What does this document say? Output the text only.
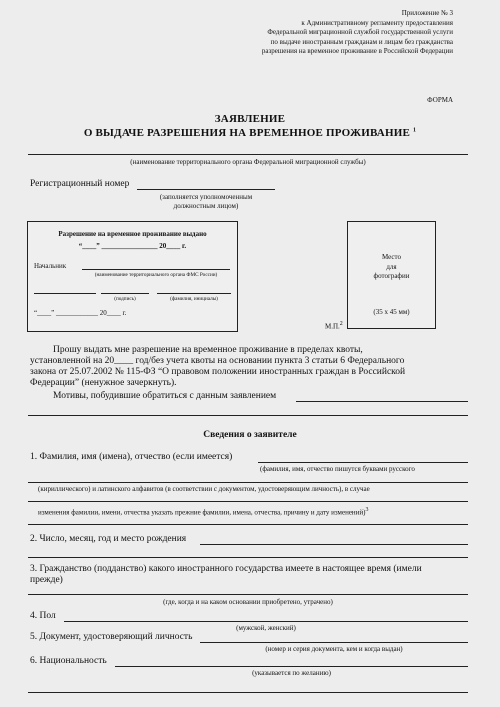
Приложение № 3
к Административному регламенту предоставления
Федеральной миграционной службой государственной услуги
по выдаче иностранным гражданам и лицам без гражданства
разрешения на временное проживание в Российской Федерации
ФОРМА
ЗАЯВЛЕНИЕ
О ВЫДАЧЕ РАЗРЕШЕНИЯ НА ВРЕМЕННОЕ ПРОЖИВАНИЕ $^1$
(наименование территориального органа Федеральной миграционной службы)
Регистрационный номер
(заполняется уполномоченным
должностным лицом)
Разрешение на временное проживание выдано
“____” ________________ 20____ г.
Начальник
(наименование территориального органа ФМС России)
(подпись)	(фамилия, инициалы)
“____” ____________ 20____ г.
Место
для
фотографии
(35 х 45 мм)
М.П.$^2$
Прошу выдать мне разрешение на временное проживание в пределах квоты,
установленной на 20____ год/без учета квоты на основании пункта 3 статьи 6 Федерального
закона от 25.07.2002 № 115-ФЗ “О правовом положении иностранных граждан в Российской
Федерации” (ненужное зачеркнуть).
Мотивы, побудившие обратиться с данным заявлением
Сведения о заявителе
1. Фамилия, имя (имена), отчество (если имеется)
(фамилия, имя, отчество пишутся буквами русского
(кириллического) и латинского алфавитов (в соответствии с документом, удостоверяющим личность), в случае
изменения фамилии, имени, отчества указать прежние фамилии, имена, отчества, причину и дату изменений)$^3$
2. Число, месяц, год и место рождения
3. Гражданство (подданство) какого иностранного государства имеете в настоящее время (имели
прежде)
(где, когда и на каком основании приобретено, утрачено)
4. Пол
(мужской, женский)
5. Документ, удостоверяющий личность
(номер и серия документа, кем и когда выдан)
6. Национальность
(указывается по желанию)
